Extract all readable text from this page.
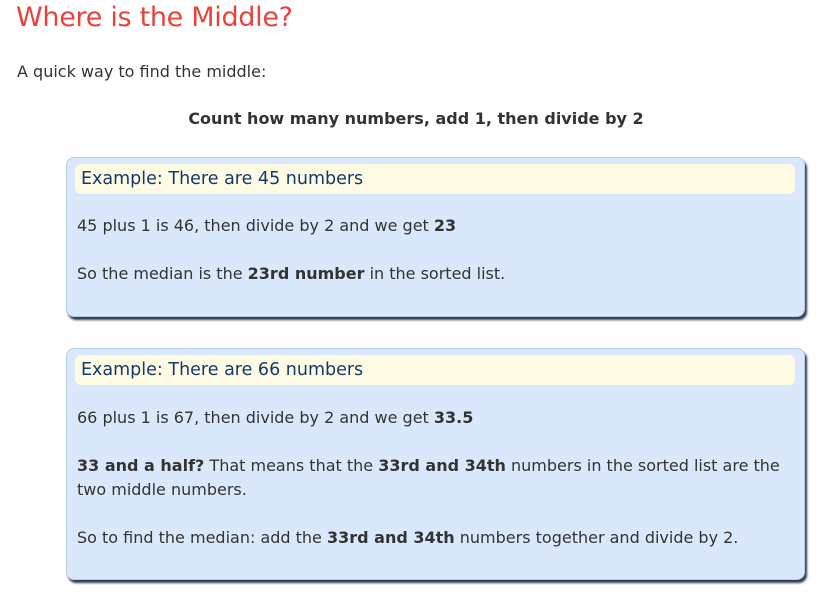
Where is the Middle?

A quick way to find the middle:

Count how many numbers, add 1, then divide by 2

Example: There are 45 numbers

45 plus 1 is 46, then divide by 2 and we get 23

So the median is the 23rd number in the sorted list.

Example: There are 66 numbers

66 plus 1 is 67, then divide by 2 and we get 33.5

33 and a half? That means that the 33rd and 34th numbers in the sorted list are the two middle numbers.

So to find the median: add the 33rd and 34th numbers together and divide by 2.
